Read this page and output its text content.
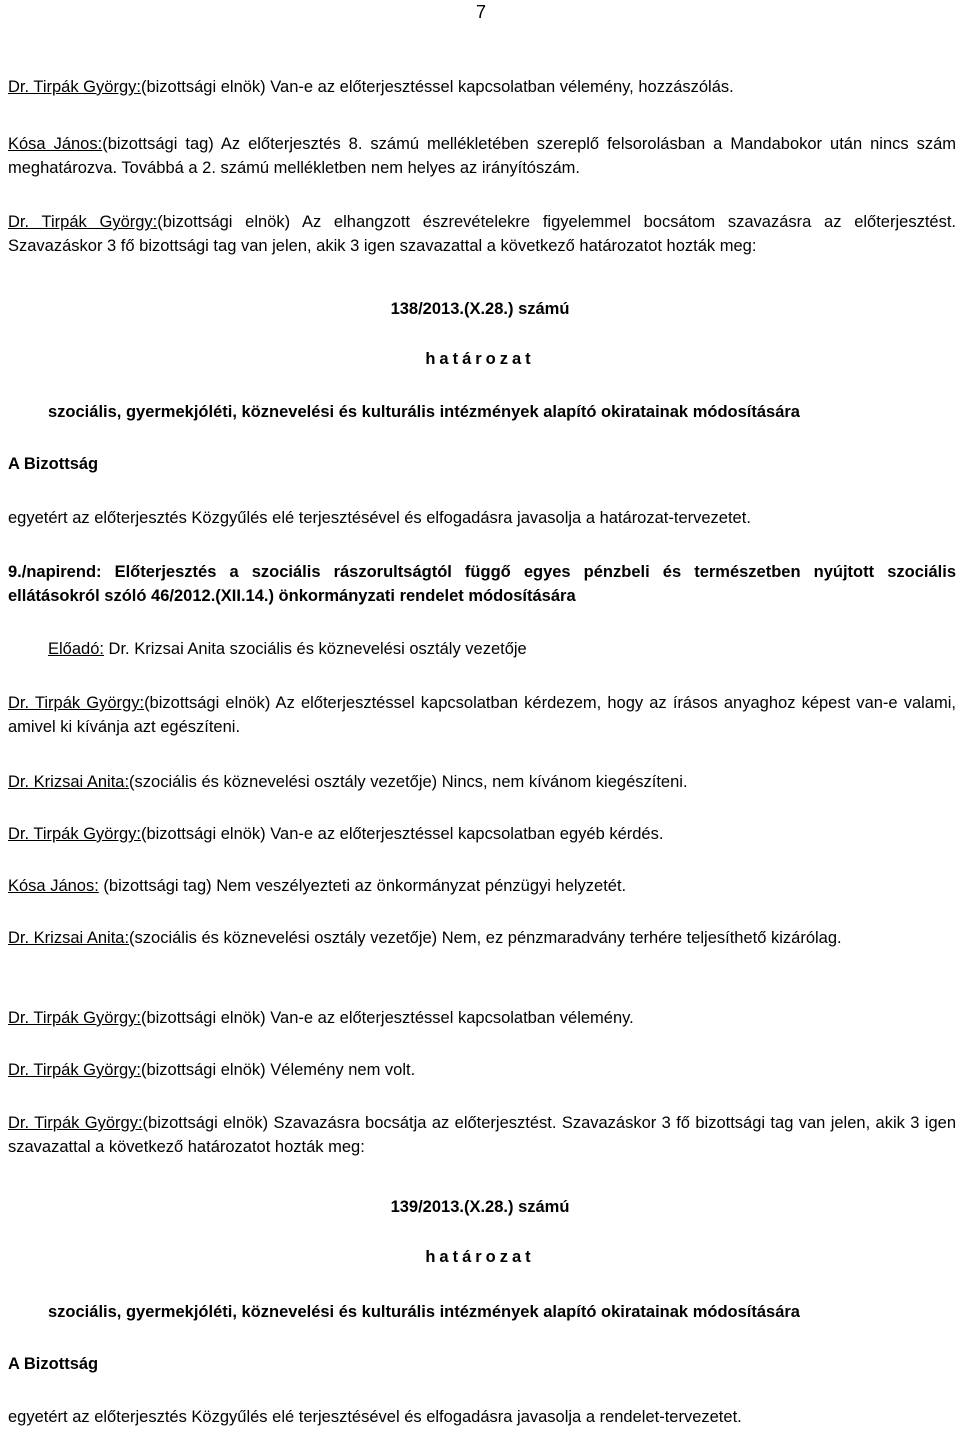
7

Dr. Tirpák György:(bizottsági elnök) Van-e az előterjesztéssel kapcsolatban vélemény, hozzászólás.

Kósa János:(bizottsági tag) Az előterjesztés 8. számú mellékletében szereplő felsorolásban a Mandabokor után nincs szám meghatározva. Továbbá a 2. számú mellékletben nem helyes az irányítószám.

Dr. Tirpák György:(bizottsági elnök) Az elhangzott észrevételekre figyelemmel bocsátom szavazásra az előterjesztést. Szavazáskor 3 fő bizottsági tag van jelen, akik 3 igen szavazattal a következő határozatot hozták meg:

138/2013.(X.28.) számú
határozat
szociális, gyermekjóléti, köznevelési és kulturális intézmények alapító okiratainak módosítására
A Bizottság
egyetért az előterjesztés Közgyűlés elé terjesztésével és elfogadásra javasolja a határozat-tervezetet.
9./napirend: Előterjesztés a szociális rászorultságtól függő egyes pénzbeli és természetben nyújtott szociális ellátásokról szóló 46/2012.(XII.14.) önkormányzati rendelet módosítására
Előadó: Dr. Krizsai Anita szociális és köznevelési osztály vezetője

Dr. Tirpák György:(bizottsági elnök) Az előterjesztéssel kapcsolatban kérdezem, hogy az írásos anyaghoz képest van-e valami, amivel ki kívánja azt egészíteni.

Dr. Krizsai Anita:(szociális és köznevelési osztály vezetője) Nincs, nem kívánom kiegészíteni.

Dr. Tirpák György:(bizottsági elnök) Van-e az előterjesztéssel kapcsolatban egyéb kérdés.

Kósa János: (bizottsági tag) Nem veszélyezteti az önkormányzat pénzügyi helyzetét.

Dr. Krizsai Anita:(szociális és köznevelési osztály vezetője) Nem, ez pénzmaradvány terhére teljesíthető kizárólag.

Dr. Tirpák György:(bizottsági elnök) Van-e az előterjesztéssel kapcsolatban vélemény.

Dr. Tirpák György:(bizottsági elnök) Vélemény nem volt.

Dr. Tirpák György:(bizottsági elnök) Szavazásra bocsátja az előterjesztést. Szavazáskor 3 fő bizottsági tag van jelen, akik 3 igen szavazattal a következő határozatot hozták meg:

139/2013.(X.28.) számú
határozat
szociális, gyermekjóléti, köznevelési és kulturális intézmények alapító okiratainak módosítására
A Bizottság
egyetért az előterjesztés Közgyűlés elé terjesztésével és elfogadásra javasolja a rendelet-tervezetet.
